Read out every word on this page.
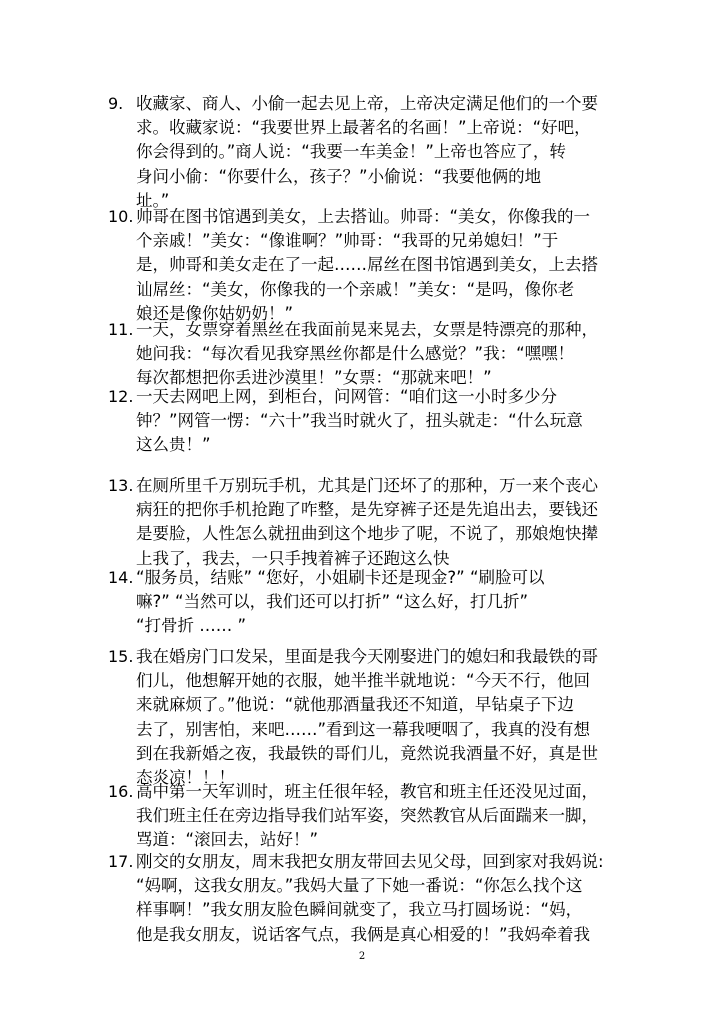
9. 收藏家、商人、小偷一起去见上帝，上帝决定满足他们的一个要
求。收藏家说：“我要世界上最著名的名画！”上帝说：“好吧，
你会得到的。”商人说：“我要一车美金！”上帝也答应了，转
身问小偷：“你要什么，孩子？”小偷说：“我要他俩的地
址。”
10. 帅哥在图书馆遇到美女，上去搭讪。帅哥：“美女，你像我的一
个亲戚！”美女：“像谁啊？”帅哥：“我哥的兄弟媳妇！”于
是，帅哥和美女走在了一起……屌丝在图书馆遇到美女，上去搭
讪屌丝：“美女，你像我的一个亲戚！”美女：“是吗，像你老
娘还是像你姑奶奶！”
11. 一天，女票穿着黑丝在我面前晃来晃去，女票是特漂亮的那种，
她问我：“每次看见我穿黑丝你都是什么感觉？”我：“嘿嘿！
每次都想把你丢进沙漠里！”女票：“那就来吧！”
12. 一天去网吧上网，到柜台，问网管：“咱们这一小时多少分
钟？”网管一愣：“六十”我当时就火了，扭头就走：“什么玩意
这么贵！”
13. 在厕所里千万别玩手机，尤其是门还坏了的那种，万一来个丧心
病狂的把你手机抢跑了咋整，是先穿裤子还是先追出去，要钱还
是要脸，人性怎么就扭曲到这个地步了呢，不说了，那娘炮快撵
上我了，我去，一只手拽着裤子还跑这么快
14. “服务员，结账” “您好，小姐刷卡还是现金?” “刷脸可以
嘛?” “当然可以，我们还可以打折” “这么好，打几折”
“打骨折 …… ”
15. 我在婚房门口发呆，里面是我今天刚娶进门的媳妇和我最铁的哥
们儿，他想解开她的衣服，她半推半就地说：“今天不行，他回
来就麻烦了。”他说：“就他那酒量我还不知道，早钻桌子下边
去了，别害怕，来吧……”看到这一幕我哽咽了，我真的没有想
到在我新婚之夜，我最铁的哥们儿，竟然说我酒量不好，真是世
态炎凉！！！
16. 高中第一天军训时，班主任很年轻，教官和班主任还没见过面，
我们班主任在旁边指导我们站军姿，突然教官从后面踹来一脚，
骂道：“滚回去，站好！”
17. 刚交的女朋友，周末我把女朋友带回去见父母，回到家对我妈说:
“妈啊，这我女朋友。”我妈大量了下她一番说：“你怎么找个这
样事啊！”我女朋友脸色瞬间就变了，我立马打圆场说：“妈，
他是我女朋友，说话客气点，我俩是真心相爱的！”我妈牵着我
2
